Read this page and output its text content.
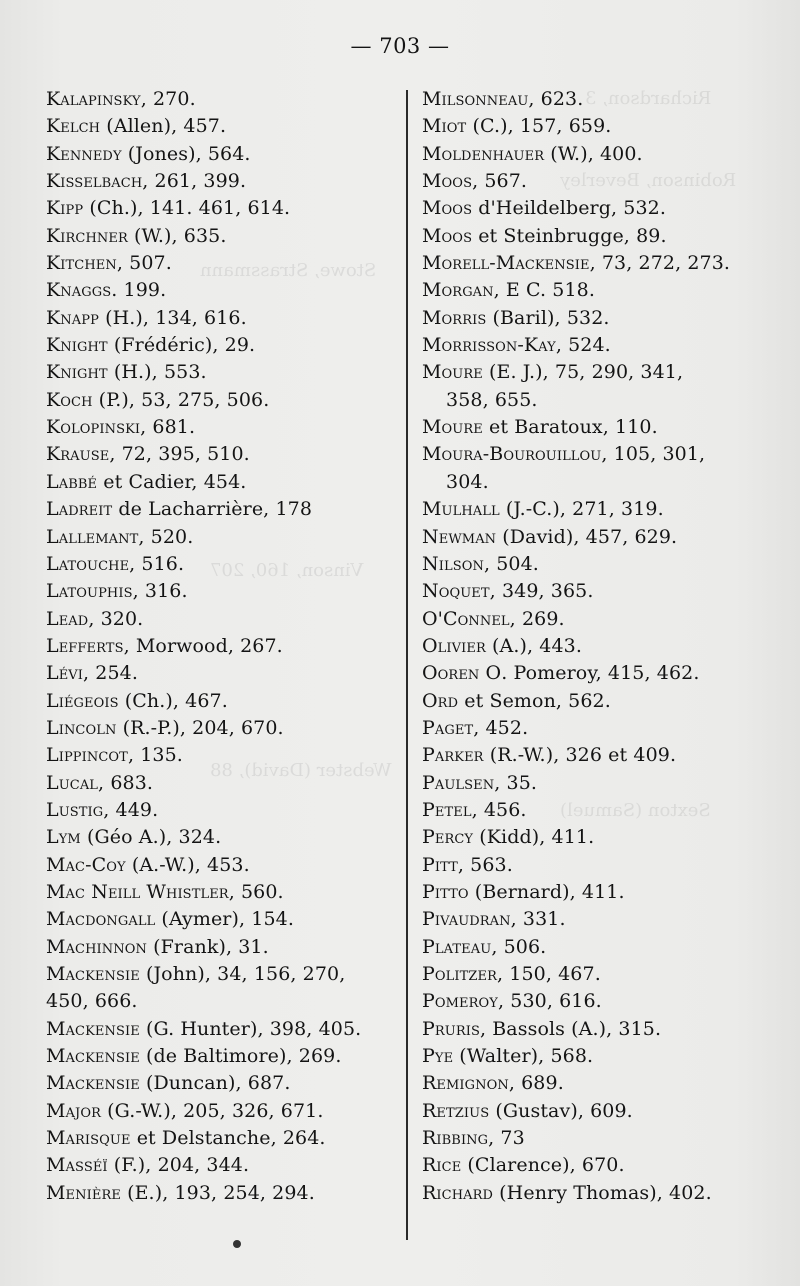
Richardson, 3
Robinson, Beverley
Stowe, Strassmann
Vinson, 160, 207
Webster (David), 88
Sexton (Samuel)
— 703 —
Kalapinsky, 270.
Kelch (Allen), 457.
Kennedy (Jones), 564.
Kisselbach, 261, 399.
Kipp (Ch.), 141. 461, 614.
Kirchner (W.), 635.
Kitchen, 507.
Knaggs. 199.
Knapp (H.), 134, 616.
Knight (Frédéric), 29.
Knight (H.), 553.
Koch (P.), 53, 275, 506.
Kolopinski, 681.
Krause, 72, 395, 510.
Labbé et Cadier, 454.
Ladreit de Lacharrière, 178
Lallemant, 520.
Latouche, 516.
Latouphis, 316.
Lead, 320.
Lefferts, Morwood, 267.
Lévi, 254.
Liégeois (Ch.), 467.
Lincoln (R.-P.), 204, 670.
Lippincot, 135.
Lucal, 683.
Lustig, 449.
Lym (Géo A.), 324.
Mac-Coy (A.-W.), 453.
Mac Neill Whistler, 560.
Macdongall (Aymer), 154.
Machinnon (Frank), 31.
Mackensie (John), 34, 156, 270,
450, 666.
Mackensie (G. Hunter), 398, 405.
Mackensie (de Baltimore), 269.
Mackensie (Duncan), 687.
Major (G.-W.), 205, 326, 671.
Marisque et Delstanche, 264.
Masséï (F.), 204, 344.
Menière (E.), 193, 254, 294.
Milsonneau, 623.
Miot (C.), 157, 659.
Moldenhauer (W.), 400.
Moos, 567.
Moos d'Heildelberg, 532.
Moos et Steinbrugge, 89.
Morell-Mackensie, 73, 272, 273.
Morgan, E C. 518.
Morris (Baril), 532.
Morrisson-Kay, 524.
Moure (E. J.), 75, 290, 341,
358, 655.
Moure et Baratoux, 110.
Moura-Bourouillou, 105, 301,
304.
Mulhall (J.-C.), 271, 319.
Newman (David), 457, 629.
Nilson, 504.
Noquet, 349, 365.
O'Connel, 269.
Olivier (A.), 443.
Ooren O. Pomeroy, 415, 462.
Ord et Semon, 562.
Paget, 452.
Parker (R.-W.), 326 et 409.
Paulsen, 35.
Petel, 456.
Percy (Kidd), 411.
Pitt, 563.
Pitto (Bernard), 411.
Pivaudran, 331.
Plateau, 506.
Politzer, 150, 467.
Pomeroy, 530, 616.
Pruris, Bassols (A.), 315.
Pye (Walter), 568.
Remignon, 689.
Retzius (Gustav), 609.
Ribbing, 73
Rice (Clarence), 670.
Richard (Henry Thomas), 402.
